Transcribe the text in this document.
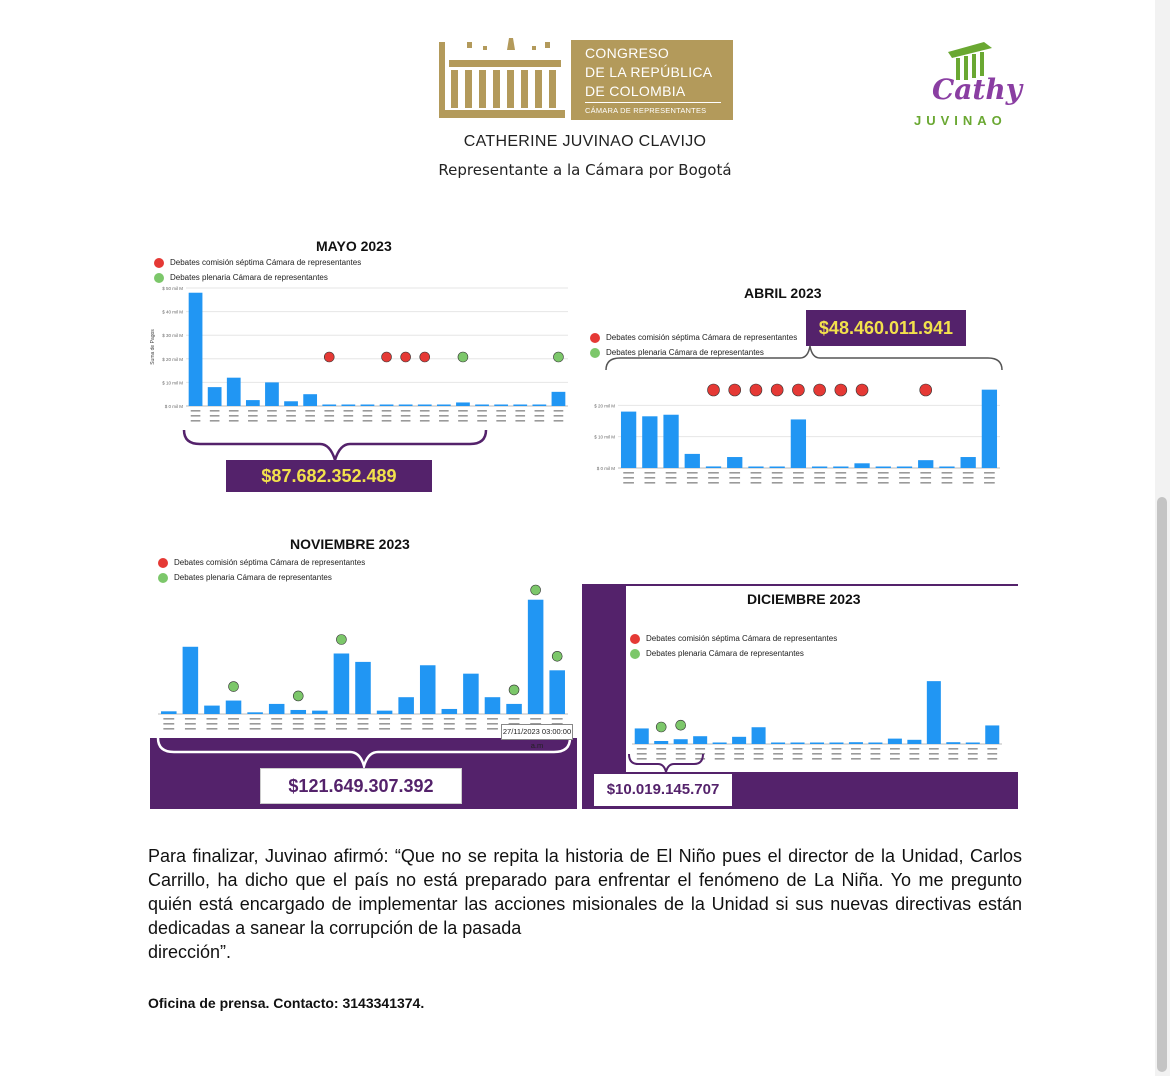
CONGRESO
DE LA REPÚBLICA
DE COLOMBIA
CÁMARA DE REPRESENTANTES
CATHERINE JUVINAO CLAVIJO
Representante a la Cámara por Bogotá
Cathy
JUVINAO
MAYO 2023
Debates comisión séptima Cámara de representantes
Debates plenaria Cámara de representantes
$ 0 mil M
$ 10 mil M
$ 20 mil M
$ 30 mil M
$ 40 mil M
$ 50 mil M
Suma de Pagos
$87.682.352.489
ABRIL 2023
$48.460.011.941
Debates comisión séptima Cámara de representantes
Debates plenaria Cámara de representantes
$ 0 mil M
$ 10 mil M
$ 20 mil M
NOVIEMBRE 2023
Debates comisión séptima Cámara de representantes
Debates plenaria Cámara de representantes
27/11/2023 03:00:00 a.m
$121.649.307.392
DICIEMBRE 2023
Debates comisión séptima Cámara de representantes
Debates plenaria Cámara de representantes
$10.019.145.707
Para finalizar, Juvinao afirmó: “Que no se repita la historia de El Niño pues el director de la Unidad, Carlos Carrillo, ha dicho que el país no está preparado para enfrentar el fenómeno de La Niña. Yo me pregunto quién está encargado de implementar las acciones misionales de la Unidad si sus nuevas directivas están dedicadas a sanear la corrupción de la pasada
dirección”.
Oficina de prensa. Contacto: 3143341374.
